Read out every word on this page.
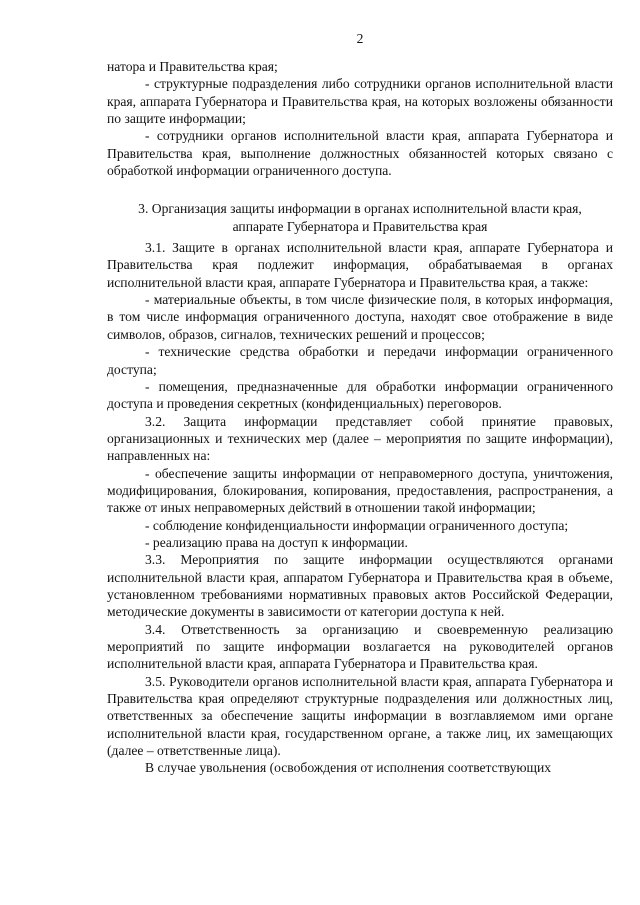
2

натора и Правительства края;

- структурные подразделения либо сотрудники органов исполнительной власти края, аппарата Губернатора и Правительства края, на которых возложены обязанности по защите информации;

- сотрудники органов исполнительной власти края, аппарата Губернатора и Правительства края, выполнение должностных обязанностей которых связано с обработкой информации ограниченного доступа.

3. Организация защиты информации в органах исполнительной власти края, аппарате Губернатора и Правительства края

3.1. Защите в органах исполнительной власти края, аппарате Губернатора и Правительства края подлежит информация, обрабатываемая в органах исполнительной власти края, аппарате Губернатора и Правительства края, а также:

- материальные объекты, в том числе физические поля, в которых информация, в том числе информация ограниченного доступа, находят свое отображение в виде символов, образов, сигналов, технических решений и процессов;

- технические средства обработки и передачи информации ограниченного доступа;

- помещения, предназначенные для обработки информации ограниченного доступа и проведения секретных (конфиденциальных) переговоров.

3.2. Защита информации представляет собой принятие правовых, организационных и технических мер (далее – мероприятия по защите информации), направленных на:

- обеспечение защиты информации от неправомерного доступа, уничтожения, модифицирования, блокирования, копирования, предоставления, распространения, а также от иных неправомерных действий в отношении такой информации;

- соблюдение конфиденциальности информации ограниченного доступа;

- реализацию права на доступ к информации.

3.3. Мероприятия по защите информации осуществляются органами исполнительной власти края, аппаратом Губернатора и Правительства края в объеме, установленном требованиями нормативных правовых актов Российской Федерации, методические документы в зависимости от категории доступа к ней.

3.4. Ответственность за организацию и своевременную реализацию мероприятий по защите информации возлагается на руководителей органов исполнительной власти края, аппарата Губернатора и Правительства края.

3.5. Руководители органов исполнительной власти края, аппарата Губернатора и Правительства края определяют структурные подразделения или должностных лиц, ответственных за обеспечение защиты информации в возглавляемом ими органе исполнительной власти края, государственном органе, а также лиц, их замещающих (далее – ответственные лица).

В случае увольнения (освобождения от исполнения соответствующих
